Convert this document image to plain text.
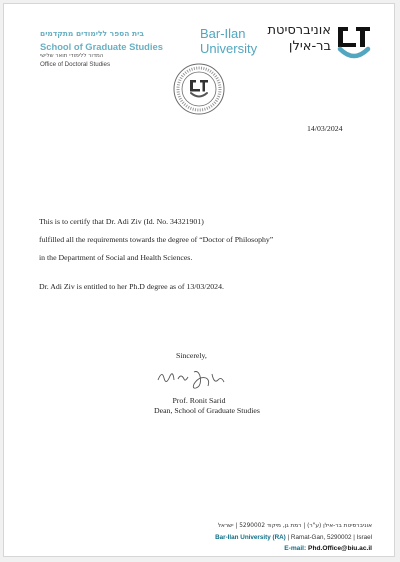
בית הספר ללימודים מתקדמים
School of Graduate Studies
המדור ללימודי תואר שלישי
Office of Doctoral Studies
אוניברסיטת
בר-אילן
Bar-Ilan
University
14/03/2024
This is to certify that Dr. Adi Ziv (Id. No. 34321901)
fulfilled all the requirements towards the degree of “Doctor of Philosophy”
in the Department of Social and Health Sciences.
Dr. Adi Ziv is entitled to her Ph.D degree as of 13/03/2024.
Sincerely,
Prof. Ronit Sarid
Dean, School of Graduate Studies
אוניברסיטת בר-אילן (ע"ר) | רמת גן, מיקוד 5290002 | ישראל
Bar-Ilan University (RA) | Ramat-Gan, 5290002 | Israel
E-mail: Phd.Office@biu.ac.il
